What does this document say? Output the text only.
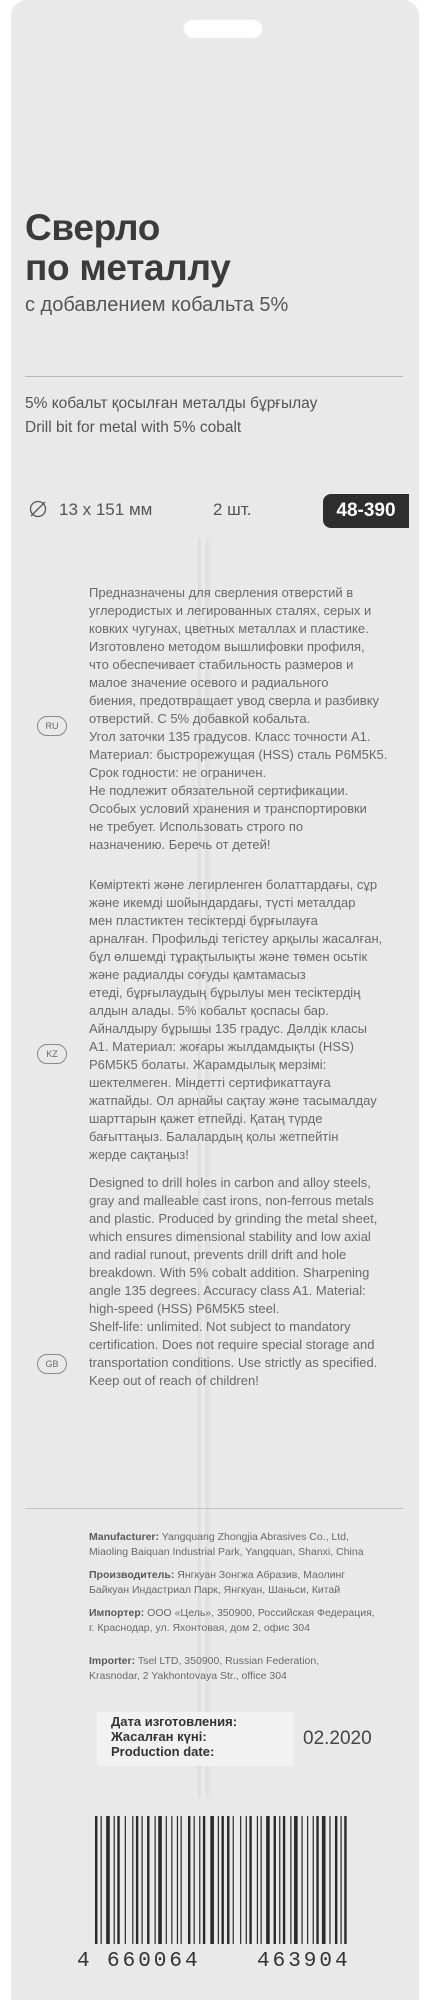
Сверло
по металлу
с добавлением кобальта 5%
5% кобальт қосылған металды бұрғылау
Drill bit for metal with 5% cobalt
13 х 151 мм	2 шт.	48-390
RU
Предназначены для сверления отверстий в
углеродистых и легированных сталях, серых и
ковких чугунах, цветных металлах и пластике.
Изготовлено методом вышлифовки профиля,
что обеспечивает стабильность размеров и
малое значение осевого и радиального
биения, предотвращает увод сверла и разбивку
отверстий. С 5% добавкой кобальта.
Угол заточки 135 градусов. Класс точности А1.
Материал: быстрорежущая (HSS) сталь Р6М5К5.
Срок годности: не ограничен.
Не подлежит обязательной сертификации.
Особых условий хранения и транспортировки
не требует. Использовать строго по
назначению. Беречь от детей!
KZ
Көміртекті және легирленген болаттардағы, сұр
және икемді шойындардағы, түсті металдар
мен пластиктен тесіктерді бұрғылауға
арналған. Профильді тегістеу арқылы жасалған,
бұл өлшемді тұрақтылықты және төмен осьтік
және радиалды соғуды қамтамасыз
етеді, бұрғылаудың бұрылуы мен тесіктердің
алдын алады. 5% кобальт қоспасы бар.
Айналдыру бұрышы 135 градус. Дәлдік класы
А1. Материал: жоғары жылдамдықты (HSS)
Р6М5К5 болаты. Жарамдылық мерзімі:
шектелмеген. Міндетті сертификаттауға
жатпайды. Ол арнайы сақтау және тасымалдау
шарттарын қажет етпейді. Қатаң түрде
бағыттаңыз. Балалардың қолы жетпейтін
жерде сақтаңыз!
GB
Designed to drill holes in carbon and alloy steels,
gray and malleable cast irons, non-ferrous metals
and plastic. Produced by grinding the metal sheet,
which ensures dimensional stability and low axial
and radial runout, prevents drill drift and hole
breakdown. With 5% cobalt addition. Sharpening
angle 135 degrees. Accuracy class A1. Material:
high-speed (HSS) Р6М5К5 steel.
Shelf-life: unlimited. Not subject to mandatory
certification. Does not require special storage and
transportation conditions. Use strictly as specified.
Keep out of reach of children!
Manufacturer: Yangquang Zhongjia Abrasives Co., Ltd,
Miaoling Baiquan Industrial Park, Yangquan, Shanxi, China
Производитель: Янгкуан Зонгжа Абразив, Маолинг
Байкуан Индастриал Парк, Янгкуан, Шаньси, Китай
Импортер: ООО «Цель», 350900, Российская Федерация,
г. Краснодар, ул. Яхонтовая, дом 2, офис 304
Importer: Tsel LTD, 350900, Russian Federation,
Krasnodar, 2 Yakhontovaya Str., office 304
Дата изготовления:
Жасалған күні:
Production date:
02.2020
4 660064	463904
